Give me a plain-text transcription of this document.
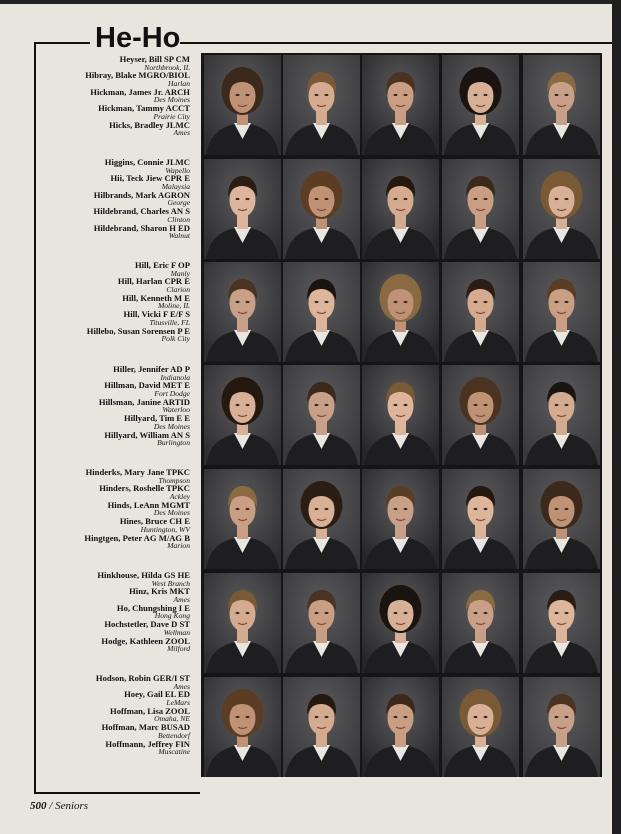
He-Ho
Heyser, Bill SP CM
Northbrook, IL
Hibray, Blake MGRO/BIOL
Harlan
Hickman, James Jr. ARCH
Des Moines
Hickman, Tammy ACCT
Prairie City
Hicks, Bradley JLMC
Ames
Higgins, Connie JLMC
Wapello
Hii, Teck Jiew CPR E
Malaysia
Hilbrands, Mark AGRON
George
Hildebrand, Charles AN S
Clinton
Hildebrand, Sharon H ED
Walnut
Hill, Eric F OP
Manly
Hill, Harlan CPR E
Clarion
Hill, Kenneth M E
Moline, IL
Hill, Vicki F E/F S
Titusville, FL
Hillebo, Susan Sorensen P E
Polk City
Hiller, Jennifer AD P
Indianola
Hillman, David MET E
Fort Dodge
Hillsman, Janine ARTID
Waterloo
Hillyard, Tim E E
Des Moines
Hillyard, William AN S
Burlington
Hinderks, Mary Jane TPKC
Thompson
Hinders, Roshelle TPKC
Ackley
Hinds, LeAnn MGMT
Des Moines
Hines, Bruce CH E
Huntington, WV
Hingtgen, Peter AG M/AG B
Marion
Hinkhouse, Hilda GS HE
West Branch
Hinz, Kris MKT
Ames
Ho, Chungshing I E
Hong Kong
Hochstetler, Dave D ST
Wellman
Hodge, Kathleen ZOOL
Milford
Hodson, Robin GER/I ST
Ames
Hoey, Gail EL ED
LeMars
Hoffman, Lisa ZOOL
Omaha, NE
Hoffman, Marc BUSAD
Bettendorf
Hoffmann, Jeffrey FIN
Muscatine
500 / Seniors
